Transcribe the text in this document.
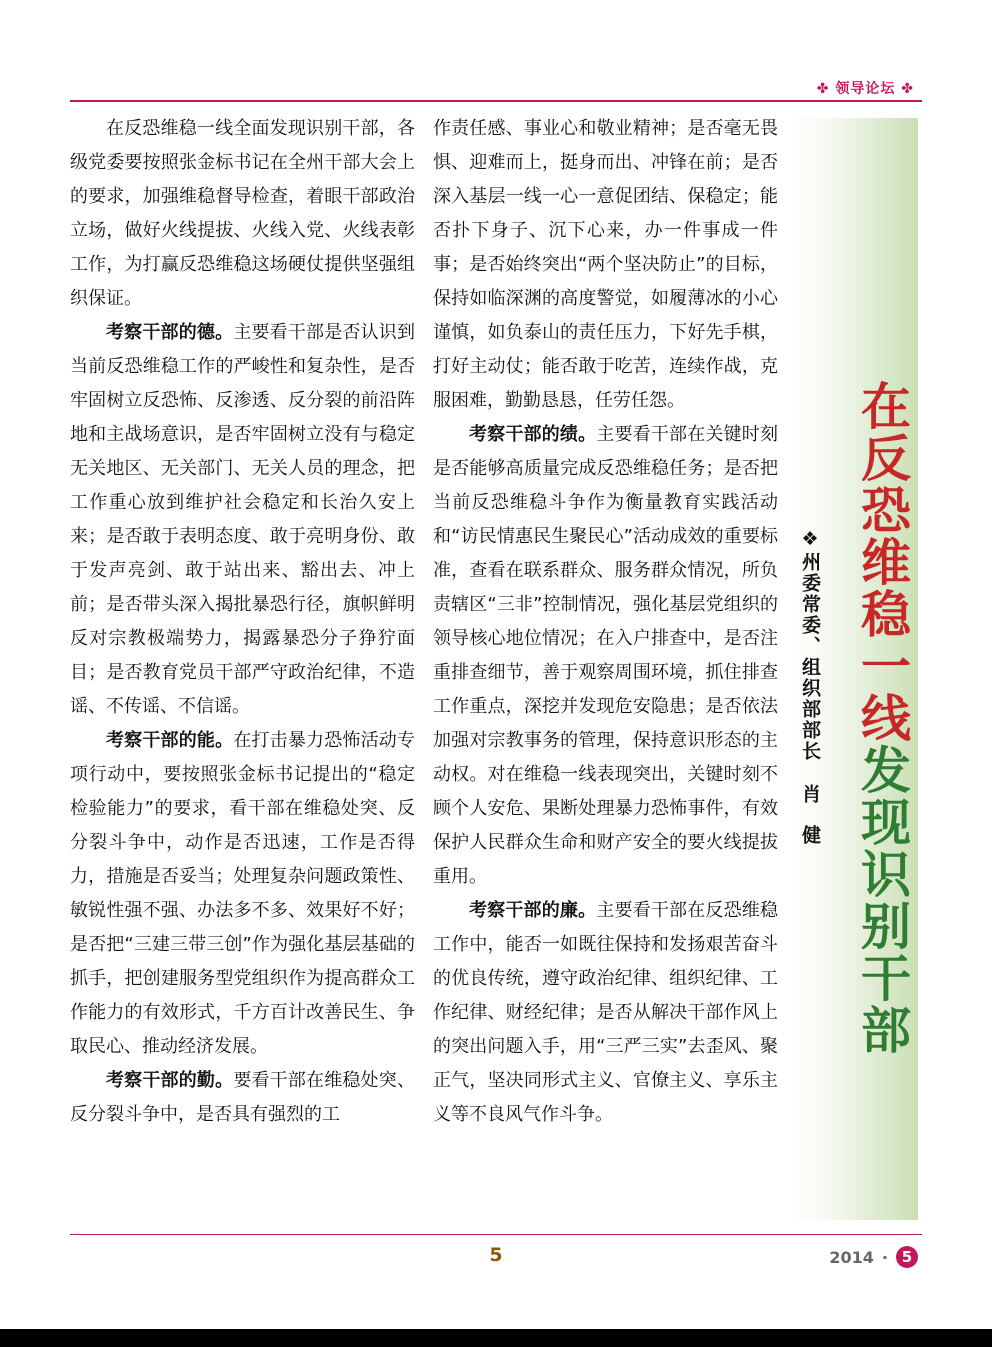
✤ 领导论坛 ✤

在反恐维稳一线全面发现识别干部，各级党委要按照张金标书记在全州干部大会上的要求，加强维稳督导检查，着眼干部政治立场，做好火线提拔、火线入党、火线表彰工作，为打赢反恐维稳这场硬仗提供坚强组织保证。

考察干部的德。主要看干部是否认识到当前反恐维稳工作的严峻性和复杂性，是否牢固树立反恐怖、反渗透、反分裂的前沿阵地和主战场意识，是否牢固树立没有与稳定无关地区、无关部门、无关人员的理念，把工作重心放到维护社会稳定和长治久安上来；是否敢于表明态度、敢于亮明身份、敢于发声亮剑、敢于站出来、豁出去、冲上前；是否带头深入揭批暴恐行径，旗帜鲜明反对宗教极端势力，揭露暴恐分子狰狞面目；是否教育党员干部严守政治纪律，不造谣、不传谣、不信谣。

考察干部的能。在打击暴力恐怖活动专项行动中，要按照张金标书记提出的“稳定检验能力”的要求，看干部在维稳处突、反分裂斗争中，动作是否迅速，工作是否得力，措施是否妥当；处理复杂问题政策性、敏锐性强不强、办法多不多、效果好不好；是否把“三建三带三创”作为强化基层基础的抓手，把创建服务型党组织作为提高群众工作能力的有效形式，千方百计改善民生、争取民心、推动经济发展。

考察干部的勤。要看干部在维稳处突、反分裂斗争中，是否具有强烈的工

作责任感、事业心和敬业精神；是否毫无畏惧、迎难而上，挺身而出、冲锋在前；是否深入基层一线一心一意促团结、保稳定；能否扑下身子、沉下心来，办一件事成一件事；是否始终突出“两个坚决防止”的目标，保持如临深渊的高度警觉，如履薄冰的小心谨慎，如负泰山的责任压力，下好先手棋，打好主动仗；能否敢于吃苦，连续作战，克服困难，勤勤恳恳，任劳任怨。

考察干部的绩。主要看干部在关键时刻是否能够高质量完成反恐维稳任务；是否把当前反恐维稳斗争作为衡量教育实践活动和“访民情惠民生聚民心”活动成效的重要标准，查看在联系群众、服务群众情况，所负责辖区“三非”控制情况，强化基层党组织的领导核心地位情况；在入户排查中，是否注重排查细节，善于观察周围环境，抓住排查工作重点，深挖并发现危安隐患；是否依法加强对宗教事务的管理，保持意识形态的主动权。对在维稳一线表现突出，关键时刻不顾个人安危、果断处理暴力恐怖事件，有效保护人民群众生命和财产安全的要火线提拔重用。

考察干部的廉。主要看干部在反恐维稳工作中，能否一如既往保持和发扬艰苦奋斗的优良传统，遵守政治纪律、组织纪律、工作纪律、财经纪律；是否从解决干部作风上的突出问题入手，用“三严三实”去歪风、聚正气，坚决同形式主义、官僚主义、享乐主义等不良风气作斗争。

在反恐维稳一线发现识别干部
❖州委常委、组织部部长肖健
5	2014 · 5
